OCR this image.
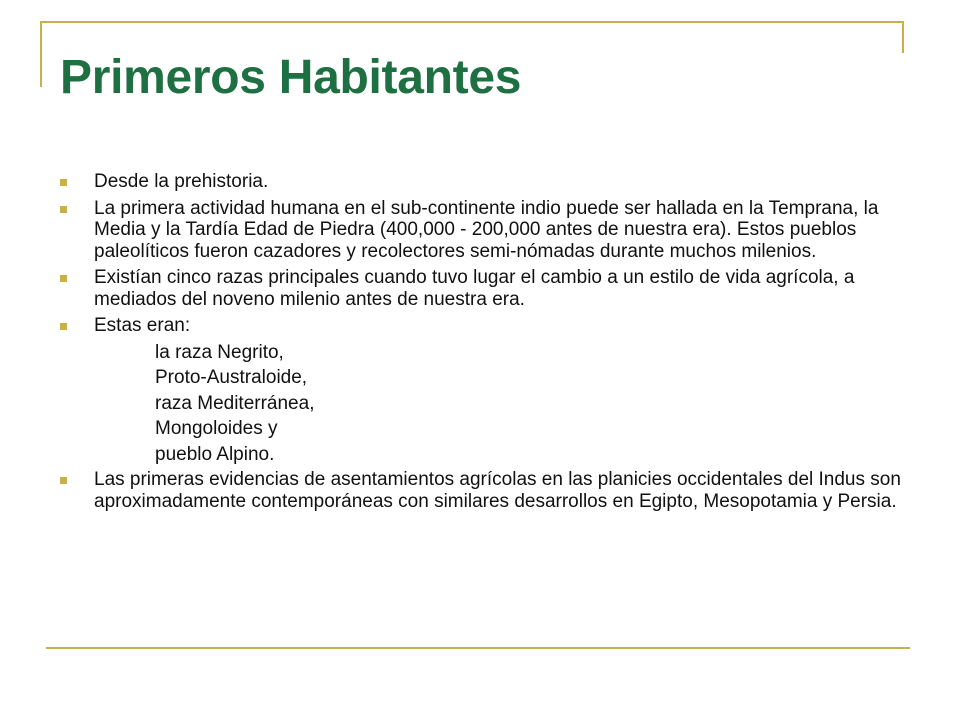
Primeros Habitantes
Desde la prehistoria.
La primera actividad humana en el sub-continente indio puede ser hallada en la Temprana, la Media y la Tardía Edad de Piedra (400,000 - 200,000 antes de nuestra era). Estos pueblos paleolíticos fueron cazadores y recolectores semi-nómadas durante muchos milenios.
Existían cinco razas principales cuando tuvo lugar el cambio a un estilo de vida agrícola, a mediados del noveno milenio antes de nuestra era.
Estas eran:
la raza Negrito,
Proto-Australoide,
raza Mediterránea,
Mongoloides y
pueblo Alpino.
Las primeras evidencias de asentamientos agrícolas en las planicies occidentales del Indus son aproximadamente contemporáneas con similares desarrollos en Egipto, Mesopotamia y Persia.
